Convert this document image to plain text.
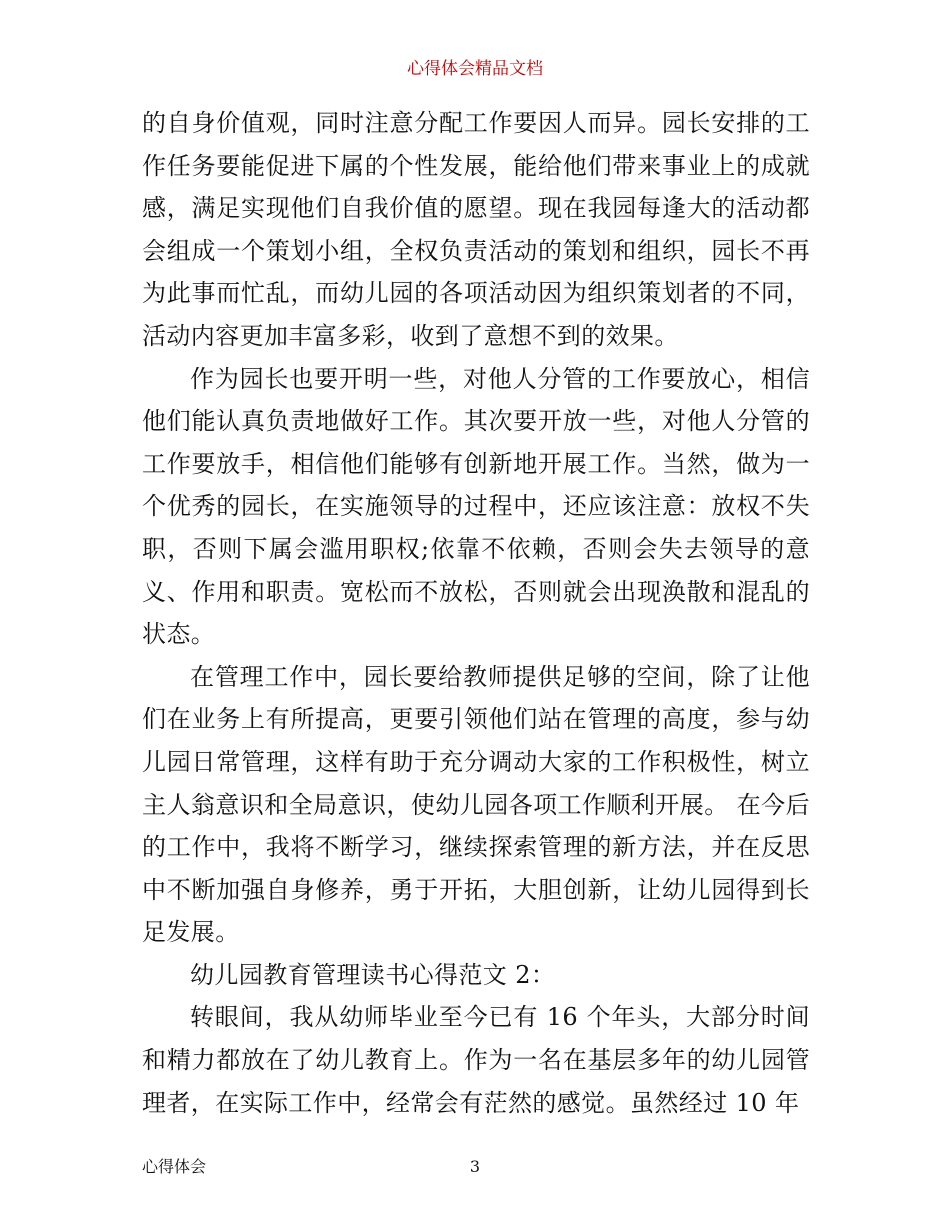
心得体会精品文档

的自身价值观，同时注意分配工作要因人而异。园长安排的工作任务要能促进下属的个性发展，能给他们带来事业上的成就感，满足实现他们自我价值的愿望。现在我园每逢大的活动都会组成一个策划小组，全权负责活动的策划和组织，园长不再为此事而忙乱，而幼儿园的各项活动因为组织策划者的不同，活动内容更加丰富多彩，收到了意想不到的效果。

作为园长也要开明一些，对他人分管的工作要放心，相信他们能认真负责地做好工作。其次要开放一些，对他人分管的工作要放手，相信他们能够有创新地开展工作。当然，做为一个优秀的园长，在实施领导的过程中，还应该注意：放权不失职，否则下属会滥用职权;依靠不依赖，否则会失去领导的意义、作用和职责。宽松而不放松，否则就会出现涣散和混乱的状态。

在管理工作中，园长要给教师提供足够的空间，除了让他们在业务上有所提高，更要引领他们站在管理的高度，参与幼儿园日常管理，这样有助于充分调动大家的工作积极性，树立主人翁意识和全局意识，使幼儿园各项工作顺利开展。 在今后的工作中，我将不断学习，继续探索管理的新方法，并在反思中不断加强自身修养，勇于开拓，大胆创新，让幼儿园得到长足发展。

幼儿园教育管理读书心得范文 2：

转眼间，我从幼师毕业至今已有 16 个年头，大部分时间和精力都放在了幼儿教育上。作为一名在基层多年的幼儿园管理者，在实际工作中，经常会有茫然的感觉。虽然经过 10 年

心得体会	3
